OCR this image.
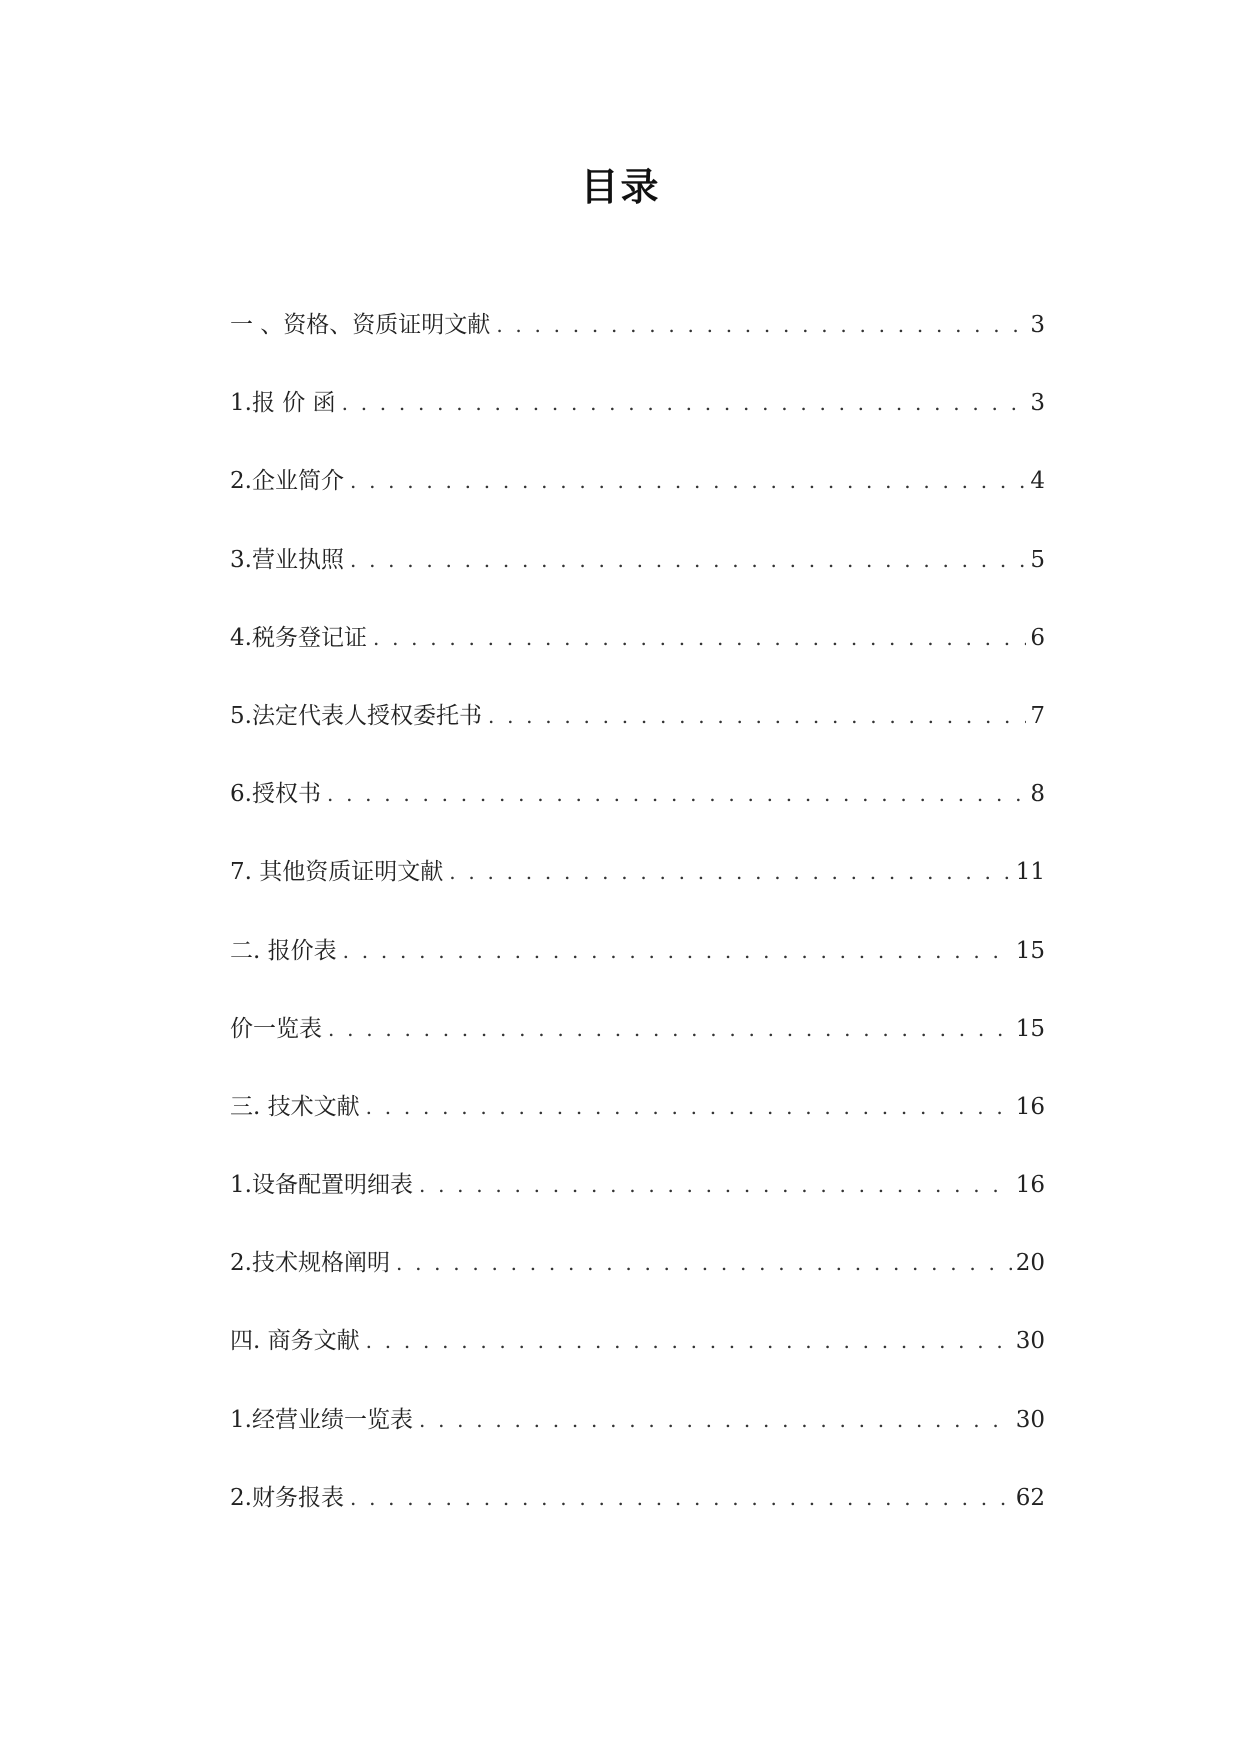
目录
一 、资格、资质证明文献 . . .	3
1.报 价 函 . . .	3
2.企业简介 . . .	4
3.营业执照 . . .	5
4.税务登记证 . . .	6
5.法定代表人授权委托书 . . .	7
6.授权书 . . .	8
7. 其他资质证明文献 . . .	11
二. 报价表 . . .	15
价一览表 . . .	15
三. 技术文献 . . .	16
1.设备配置明细表 . . .	16
2.技术规格阐明 . . .	20
四. 商务文献 . . .	30
1.经营业绩一览表 . . .	30
2.财务报表 . . .	62
